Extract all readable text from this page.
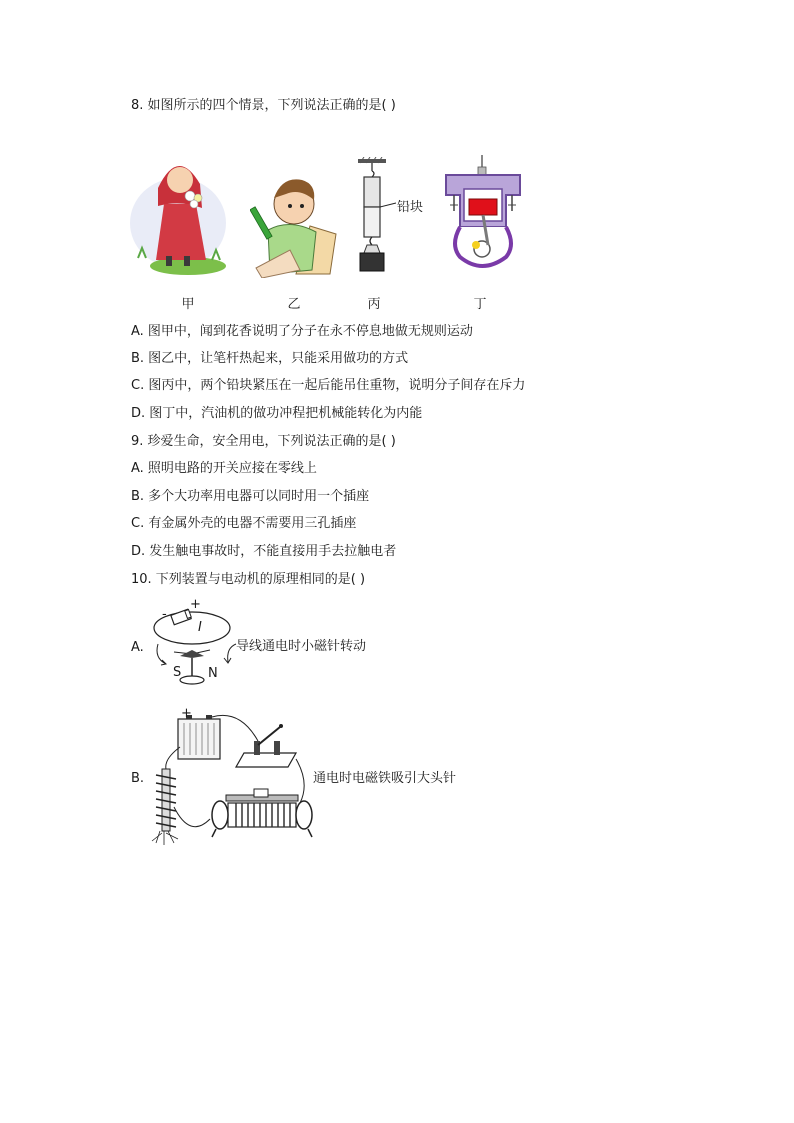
8. 如图所示的四个情景，下列说法正确的是( )
铅块
甲	乙	丙	丁
A. 图甲中，闻到花香说明了分子在永不停息地做无规则运动
B. 图乙中，让笔杆热起来，只能采用做功的方式
C. 图丙中，两个铅块紧压在一起后能吊住重物，说明分子间存在斥力
D. 图丁中，汽油机的做功冲程把机械能转化为内能
9. 珍爱生命，安全用电，下列说法正确的是( )
A. 照明电路的开关应接在零线上
B. 多个大功率用电器可以同时用一个插座
C. 有金属外壳的电器不需要用三孔插座
D. 发生触电事故时，不能直接用手去拉触电者
10. 下列装置与电动机的原理相同的是( )
A.
-
+
I
S N
导线通电时小磁针转动
B.
+
通电时电磁铁吸引大头针
